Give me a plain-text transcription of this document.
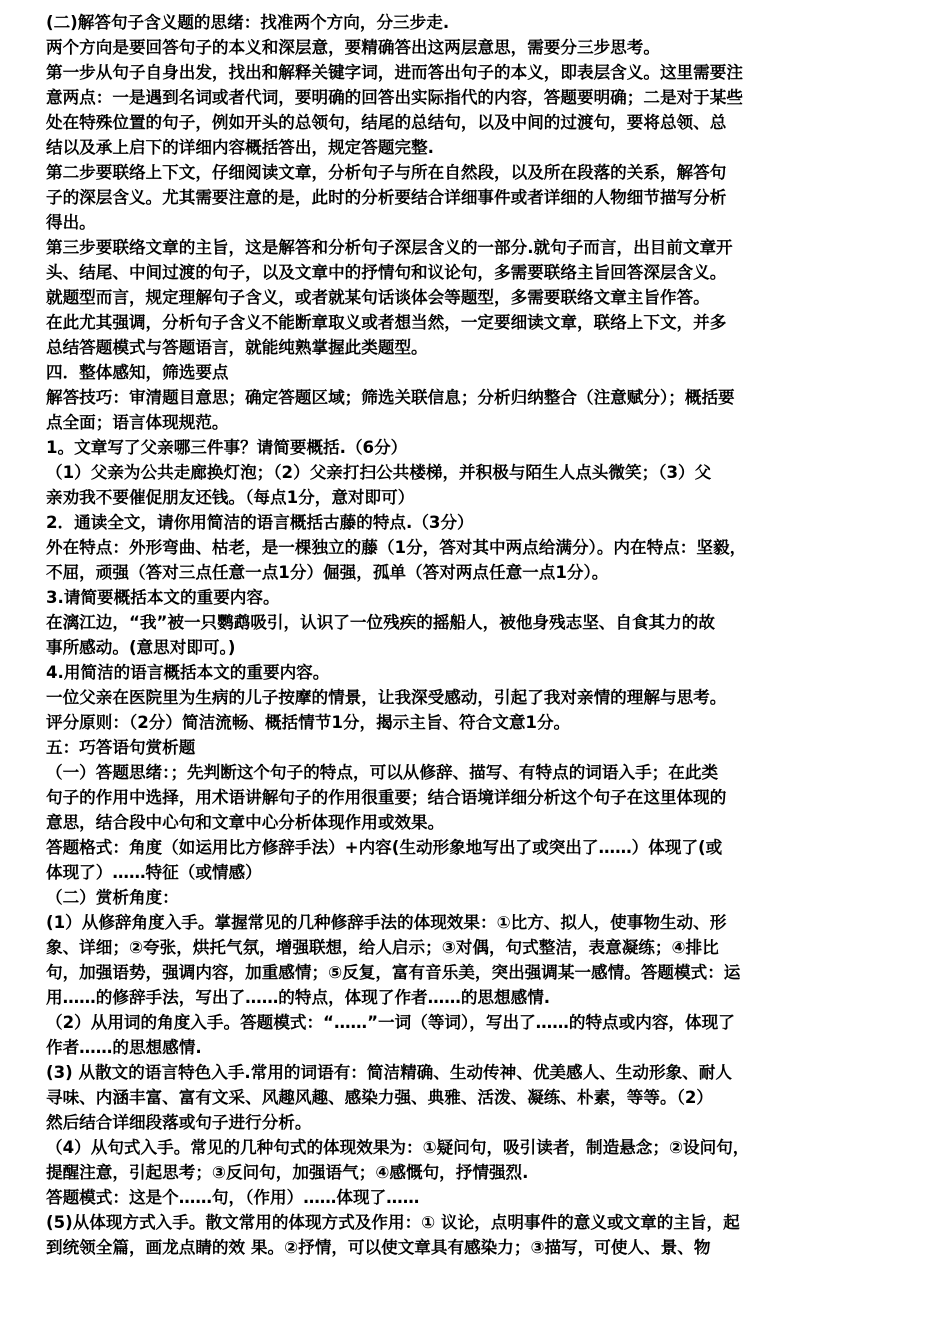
(二)解答句子含义题的思绪：找准两个方向，分三步走.
两个方向是要回答句子的本义和深层意，要精确答出这两层意思，需要分三步思考。
第一步从句子自身出发，找出和解释关键字词，进而答出句子的本义，即表层含义。这里需要注
意两点：一是遇到名词或者代词，要明确的回答出实际指代的内容，答题要明确；二是对于某些
处在特殊位置的句子，例如开头的总领句，结尾的总结句，以及中间的过渡句，要将总领、总
结以及承上启下的详细内容概括答出，规定答题完整.
第二步要联络上下文，仔细阅读文章，分析句子与所在自然段，以及所在段落的关系，解答句
子的深层含义。尤其需要注意的是，此时的分析要结合详细事件或者详细的人物细节描写分析
得出。
第三步要联络文章的主旨，这是解答和分析句子深层含义的一部分.就句子而言，出目前文章开
头、结尾、中间过渡的句子，以及文章中的抒情句和议论句，多需要联络主旨回答深层含义。
就题型而言，规定理解句子含义，或者就某句话谈体会等题型，多需要联络文章主旨作答。
在此尤其强调，分析句子含义不能断章取义或者想当然，一定要细读文章，联络上下文，并多
总结答题模式与答题语言，就能纯熟掌握此类题型。
四．整体感知，筛选要点
解答技巧：审清题目意思；确定答题区域；筛选关联信息；分析归纳整合（注意赋分）；概括要
点全面；语言体现规范。
1。文章写了父亲哪三件事？请简要概括.（6分）
（1）父亲为公共走廊换灯泡；（2）父亲打扫公共楼梯，并积极与陌生人点头微笑；（3）父
亲劝我不要催促朋友还钱。（每点1分，意对即可）
2．通读全文，请你用简洁的语言概括古藤的特点.（3分）
外在特点：外形弯曲、枯老，是一棵独立的藤（1分，答对其中两点给满分）。内在特点：坚毅，
不屈，顽强（答对三点任意一点1分）倔强，孤单（答对两点任意一点1分）。
3.请简要概括本文的重要内容。
在漓江边，“我”被一只鹦鹉吸引，认识了一位残疾的摇船人，被他身残志坚、自食其力的故
事所感动。(意思对即可。)
4.用简洁的语言概括本文的重要内容。
一位父亲在医院里为生病的儿子按摩的情景，让我深受感动，引起了我对亲情的理解与思考。
评分原则：（2分）简洁流畅、概括情节1分，揭示主旨、符合文意1分。
五：巧答语句赏析题
（一）答题思绪：；先判断这个句子的特点，可以从修辞、描写、有特点的词语入手；在此类
句子的作用中选择，用术语讲解句子的作用很重要；结合语境详细分析这个句子在这里体现的
意思，结合段中心句和文章中心分析体现作用或效果。
答题格式：角度（如运用比方修辞手法）+内容(生动形象地写出了或突出了……）体现了(或
体现了）……特征（或情感）
（二）赏析角度：
(1）从修辞角度入手。掌握常见的几种修辞手法的体现效果：①比方、拟人，使事物生动、形
象、详细；②夸张，烘托气氛，增强联想，给人启示；③对偶，句式整洁，表意凝练；④排比
句，加强语势，强调内容，加重感情；⑤反复，富有音乐美，突出强调某一感情。答题模式：运
用……的修辞手法，写出了……的特点，体现了作者……的思想感情.
（2）从用词的角度入手。答题模式：“……”一词（等词），写出了……的特点或内容，体现了
作者……的思想感情.
(3) 从散文的语言特色入手.常用的词语有：简洁精确、生动传神、优美感人、生动形象、耐人
寻味、内涵丰富、富有文采、风趣风趣、感染力强、典雅、活泼、凝练、朴素，等等。（2）
然后结合详细段落或句子进行分析。
（4）从句式入手。常见的几种句式的体现效果为：①疑问句，吸引读者，制造悬念；②设问句，
提醒注意，引起思考；③反问句，加强语气；④感慨句，抒情强烈.
答题模式：这是个……句，（作用）……体现了……
(5)从体现方式入手。散文常用的体现方式及作用：① 议论，点明事件的意义或文章的主旨，起
到统领全篇，画龙点睛的效 果。②抒情，可以使文章具有感染力；③描写，可使人、景、物
